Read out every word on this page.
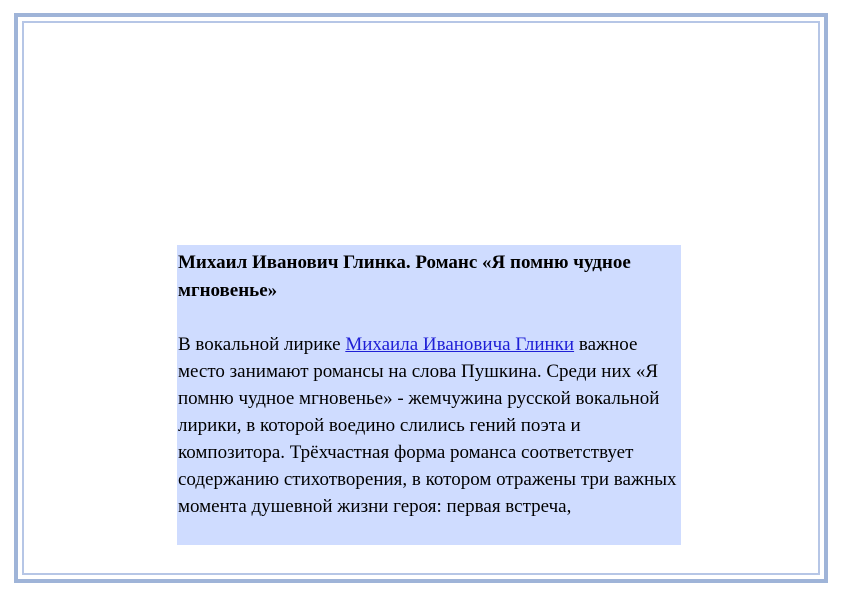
Михаил Иванович Глинка. Романс «Я помню чудное мгновенье»
В вокальной лирике Михаила Ивановича Глинки важное место занимают романсы на слова Пушкина. Среди них «Я помню чудное мгновенье» - жемчужина русской вокальной лирики, в которой воедино слились гений поэта и композитора. Трёхчастная форма романса соответствует содержанию стихотворения, в котором отражены три важных момента душевной жизни героя: первая встреча,
